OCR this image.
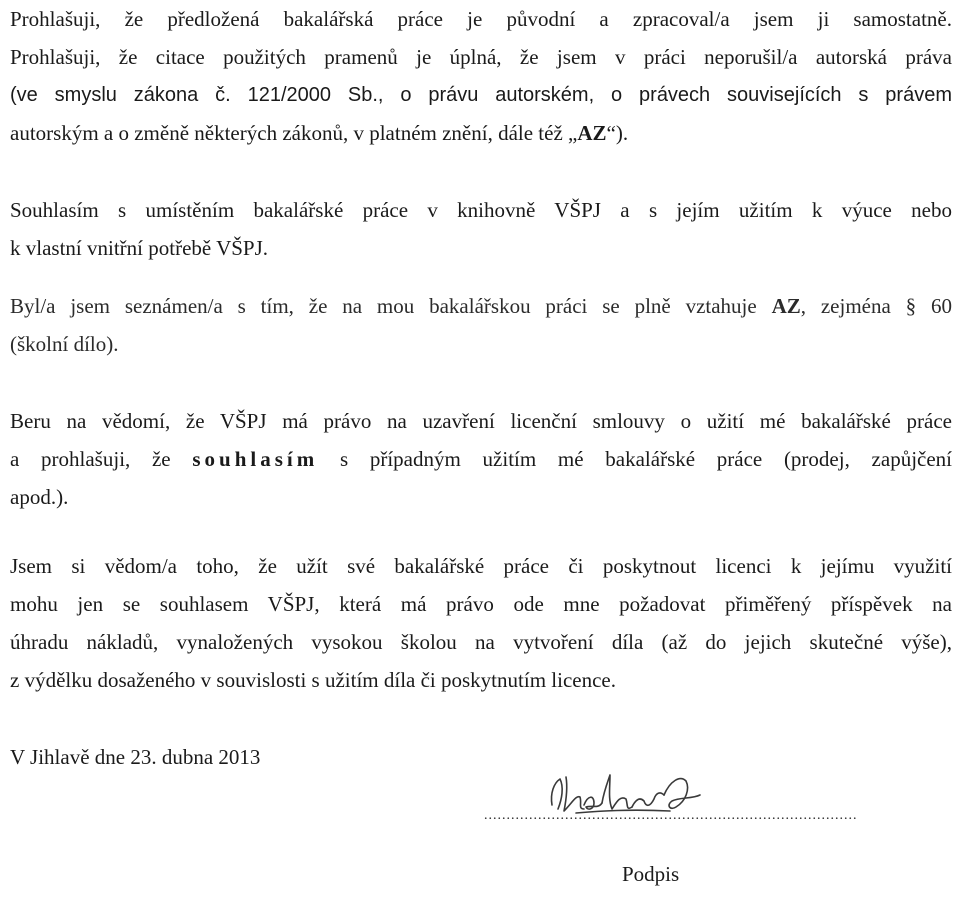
Prohlašuji, že předložená bakalářská práce je původní a zpracoval/a jsem ji samostatně.
Prohlašuji, že citace použitých pramenů je úplná, že jsem v práci neporušil/a autorská práva
(ve smyslu zákona č. 121/2000 Sb., o právu autorském, o právech souvisejících s právem
autorským a o změně některých zákonů, v platném znění, dále též „AZ“).

Souhlasím s umístěním bakalářské práce v knihovně VŠPJ a s jejím užitím k výuce nebo
k vlastní vnitřní potřebě VŠPJ.

Byl/a jsem seznámen/a s tím, že na mou bakalářskou práci se plně vztahuje AZ, zejména § 60
(školní dílo).

Beru na vědomí, že VŠPJ má právo na uzavření licenční smlouvy o užití mé bakalářské práce
a prohlašuji, že souhlasím s případným užitím mé bakalářské práce (prodej, zapůjčení
apod.).

Jsem si vědom/a toho, že užít své bakalářské práce či poskytnout licenci k jejímu využití
mohu jen se souhlasem VŠPJ, která má právo ode mne požadovat přiměřený příspěvek na
úhradu nákladů, vynaložených vysokou školou na vytvoření díla (až do jejich skutečné výše),
z výdělku dosaženého v souvislosti s užitím díla či poskytnutím licence.

V Jihlavě dne 23. dubna 2013

...................................................................................
Podpis
